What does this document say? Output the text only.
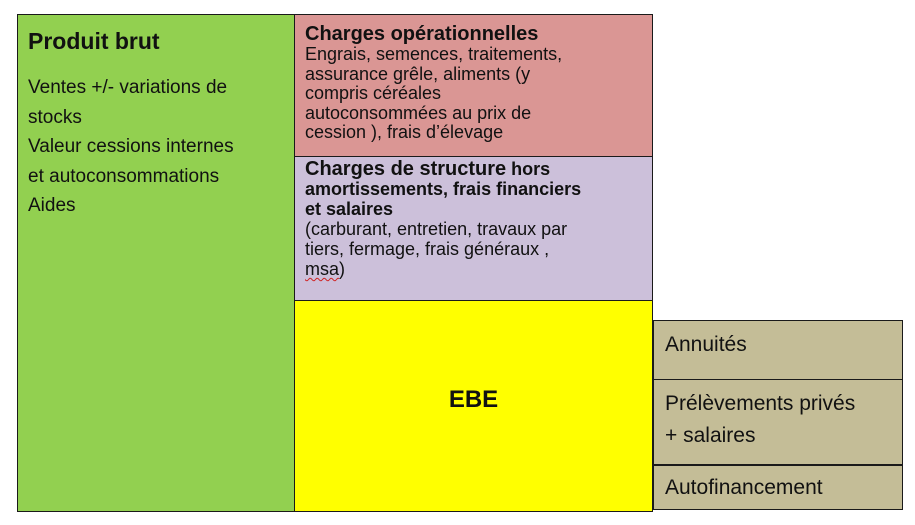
Produit brut
Ventes +/- variations de
stocks
Valeur cessions internes
et autoconsommations
Aides
Charges opérationnelles
Engrais, semences, traitements,
assurance grêle, aliments (y
compris céréales
autoconsommées au prix de
cession ), frais d’élevage
Charges de structure hors
amortissements, frais financiers
et salaires
(carburant, entretien, travaux par
tiers, fermage, frais généraux ,
msa)
EBE
Annuités
Prélèvements privés
+ salaires
Autofinancement
